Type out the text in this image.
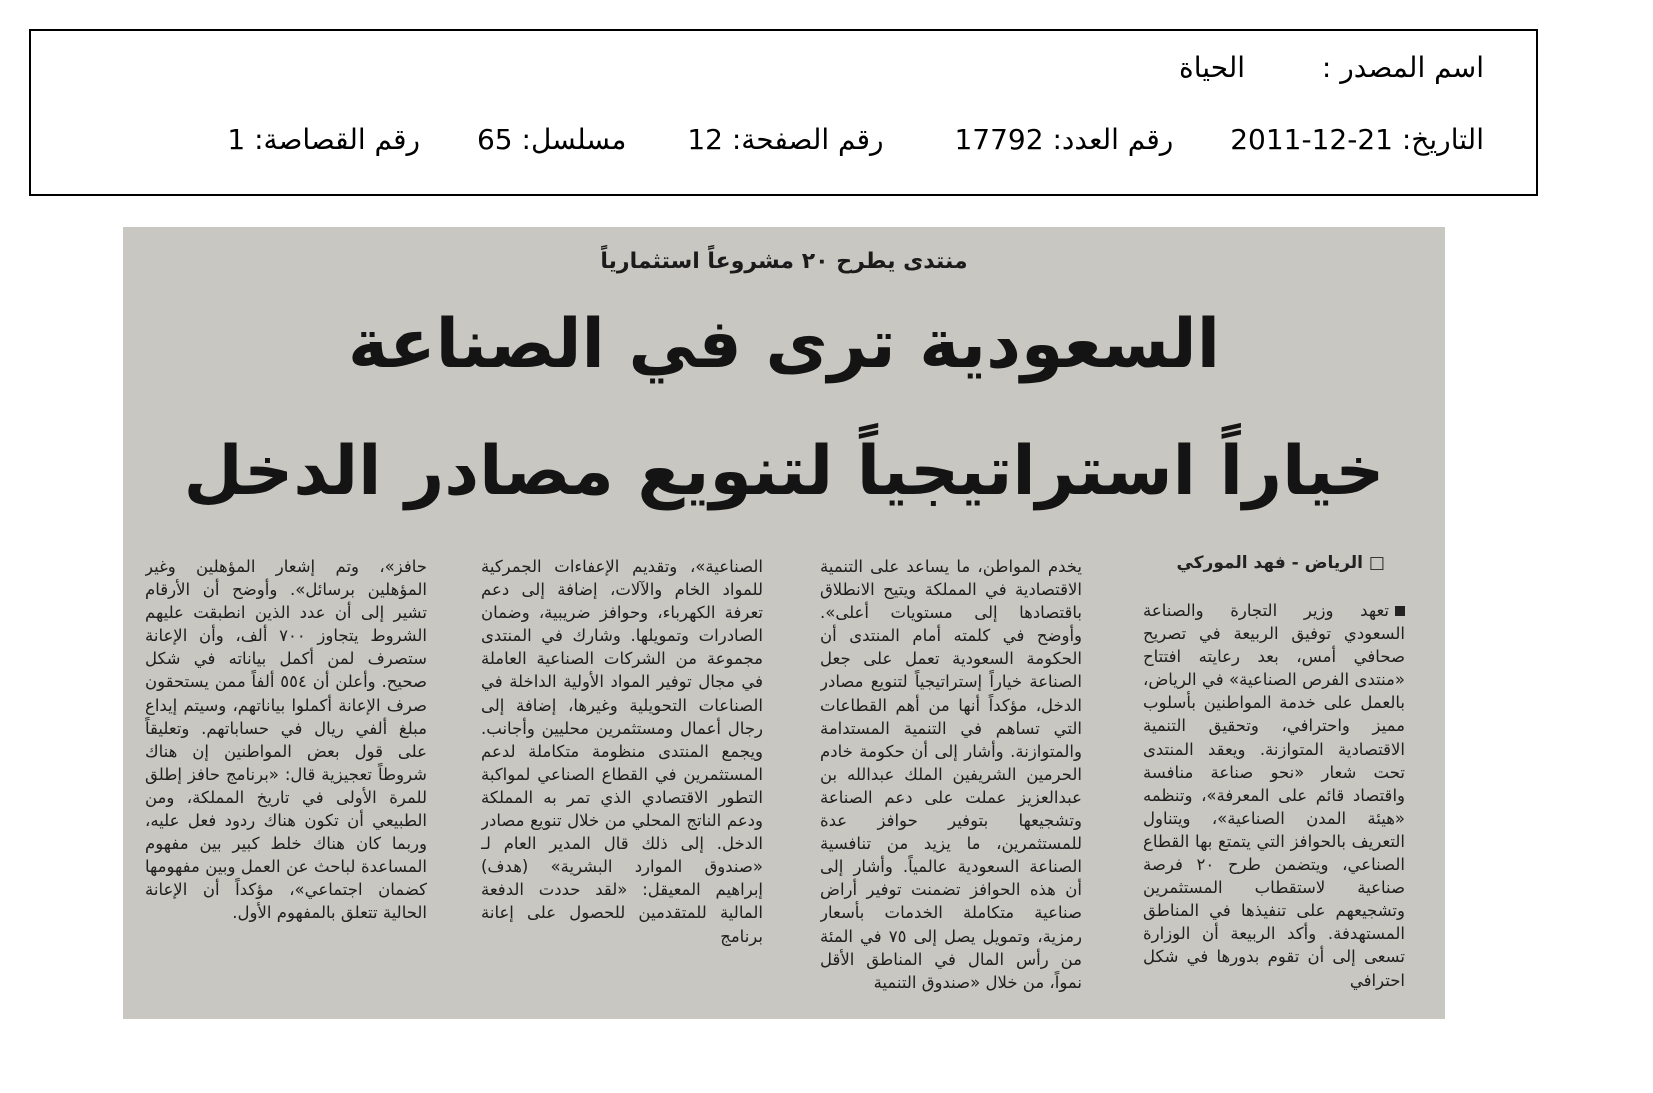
اسم المصدر : الحياة
التاريخ: 2011-12-21 رقم العدد: 17792 رقم الصفحة: 12 مسلسل: 65 رقم القصاصة: 1
منتدى يطرح ٢٠ مشروعاً استثمارياً
السعودية ترى في الصناعة
خياراً استراتيجياً لتنويع مصادر الدخل
□ الرياض - فهد الموركي

تعهد وزير التجارة والصناعة السعودي توفيق الربيعة في تصريح صحافي أمس، بعد رعايته افتتاح «منتدى الفرص الصناعية» في الرياض، بالعمل على خدمة المواطنين بأسلوب مميز واحترافي، وتحقيق التنمية الاقتصادية المتوازنة. ويعقد المنتدى تحت شعار «نحو صناعة منافسة واقتصاد قائم على المعرفة»، وتنظمه «هيئة المدن الصناعية»، ويتناول التعريف بالحوافز التي يتمتع بها القطاع الصناعي، ويتضمن طرح ٢٠ فرصة صناعية لاستقطاب المستثمرين وتشجيعهم على تنفيذها في المناطق المستهدفة. وأكد الربيعة أن الوزارة تسعى إلى أن تقوم بدورها في شكل احترافي

يخدم المواطن، ما يساعد على التنمية الاقتصادية في المملكة ويتيح الانطلاق باقتصادها إلى مستويات أعلى». وأوضح في كلمته أمام المنتدى أن الحكومة السعودية تعمل على جعل الصناعة خياراً إستراتيجياً لتنويع مصادر الدخل، مؤكداً أنها من أهم القطاعات التي تساهم في التنمية المستدامة والمتوازنة. وأشار إلى أن حكومة خادم الحرمين الشريفين الملك عبدالله بن عبدالعزيز عملت على دعم الصناعة وتشجيعها بتوفير حوافز عدة للمستثمرين، ما يزيد من تنافسية الصناعة السعودية عالمياً. وأشار إلى أن هذه الحوافز تضمنت توفير أراض صناعية متكاملة الخدمات بأسعار رمزية، وتمويل يصل إلى ٧٥ في المئة من رأس المال في المناطق الأقل نمواً، من خلال «صندوق التنمية

الصناعية»، وتقديم الإعفاءات الجمركية للمواد الخام والآلات، إضافة إلى دعم تعرفة الكهرباء، وحوافز ضريبية، وضمان الصادرات وتمويلها. وشارك في المنتدى مجموعة من الشركات الصناعية العاملة في مجال توفير المواد الأولية الداخلة في الصناعات التحويلية وغيرها، إضافة إلى رجال أعمال ومستثمرين محليين وأجانب. ويجمع المنتدى منظومة متكاملة لدعم المستثمرين في القطاع الصناعي لمواكبة التطور الاقتصادي الذي تمر به المملكة ودعم الناتج المحلي من خلال تنويع مصادر الدخل. إلى ذلك قال المدير العام لـ «صندوق الموارد البشرية» (هدف) إبراهيم المعيقل: «لقد حددت الدفعة المالية للمتقدمين للحصول على إعانة برنامج

حافز»، وتم إشعار المؤهلين وغير المؤهلين برسائل». وأوضح أن الأرقام تشير إلى أن عدد الذين انطبقت عليهم الشروط يتجاوز ٧٠٠ ألف، وأن الإعانة ستصرف لمن أكمل بياناته في شكل صحيح. وأعلن أن ٥٥٤ ألفاً ممن يستحقون صرف الإعانة أكملوا بياناتهم، وسيتم إيداع مبلغ ألفي ريال في حساباتهم. وتعليقاً على قول بعض المواطنين إن هناك شروطاً تعجيزية قال: «برنامج حافز إطلق للمرة الأولى في تاريخ المملكة، ومن الطبيعي أن تكون هناك ردود فعل عليه، وربما كان هناك خلط كبير بين مفهوم المساعدة لباحث عن العمل وبين مفهومها كضمان اجتماعي»، مؤكداً أن الإعانة الحالية تتعلق بالمفهوم الأول.
